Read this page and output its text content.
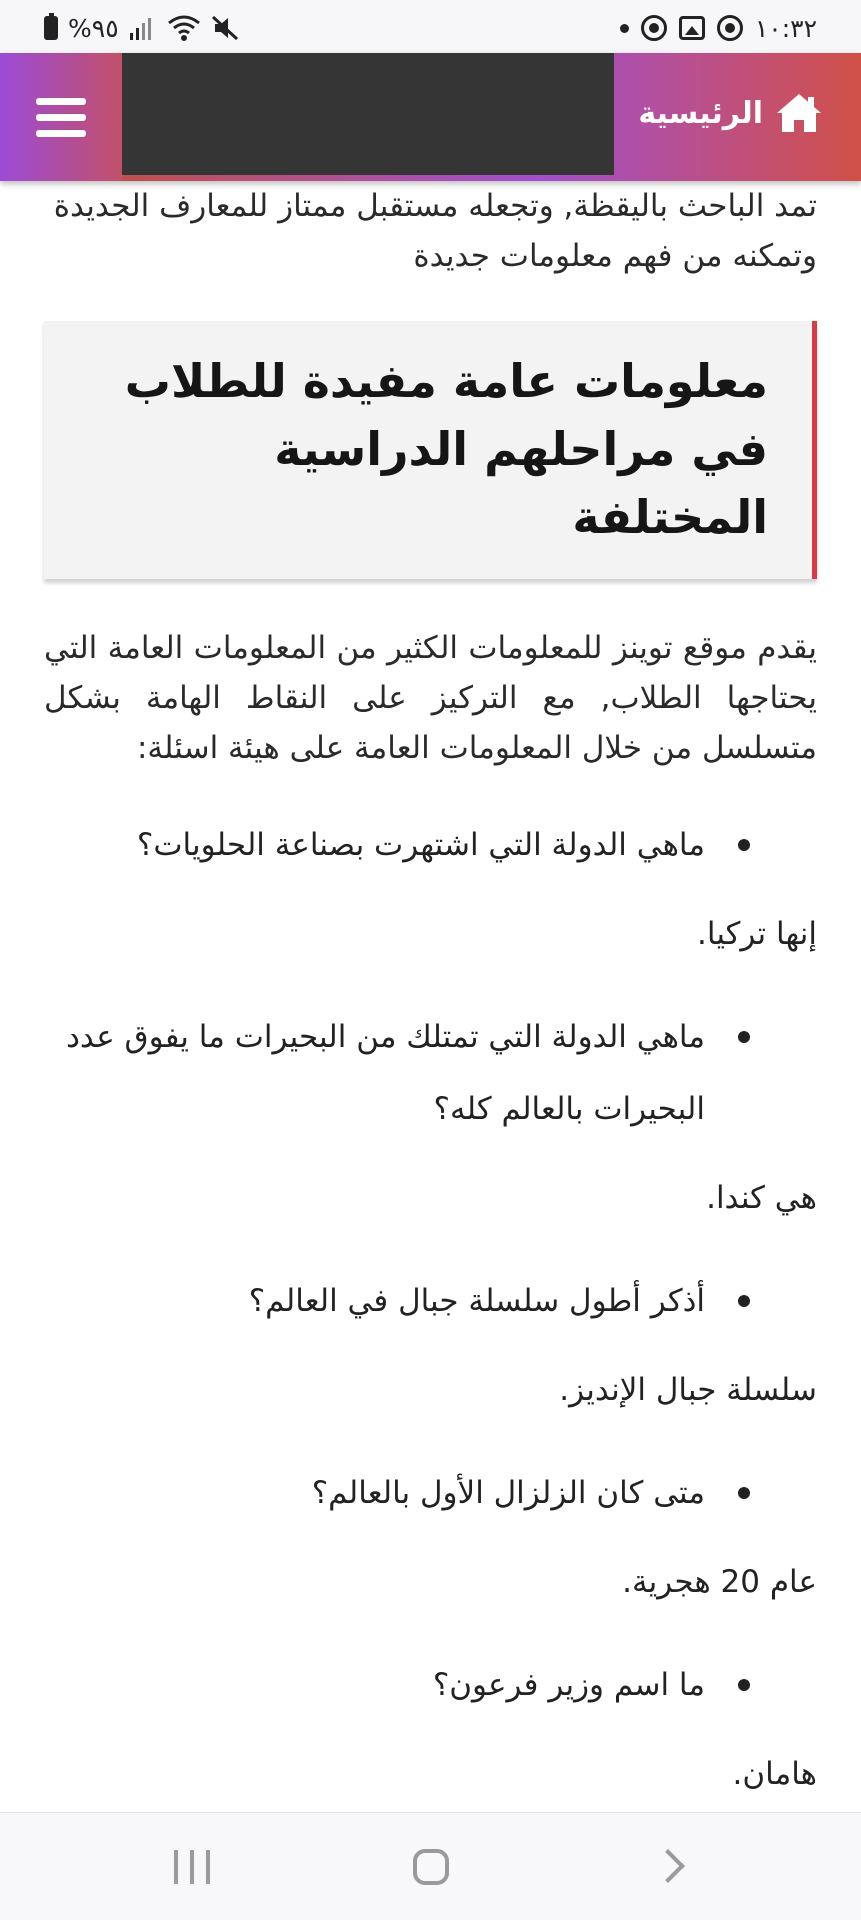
%٩٥	١٠:٣٢
الرئيسية

تمد الباحث باليقظة, وتجعله مستقبل ممتاز للمعارف الجديدة وتمكنه من فهم معلومات جديدة

معلومات عامة مفيدة للطلاب في مراحلهم الدراسية المختلفة

يقدم موقع توينز للمعلومات الكثير من المعلومات العامة التي يحتاجها الطلاب, مع التركيز على النقاط الهامة بشكل متسلسل من خلال المعلومات العامة على هيئة اسئلة:

ماهي الدولة التي اشتهرت بصناعة الحلويات؟

إنها تركيا.

ماهي الدولة التي تمتلك من البحيرات ما يفوق عدد البحيرات بالعالم كله؟

هي كندا.

أذكر أطول سلسلة جبال في العالم؟

سلسلة جبال الإنديز.

متى كان الزلزال الأول بالعالم؟

عام 20 هجرية.

ما اسم وزير فرعون؟

هامان.
